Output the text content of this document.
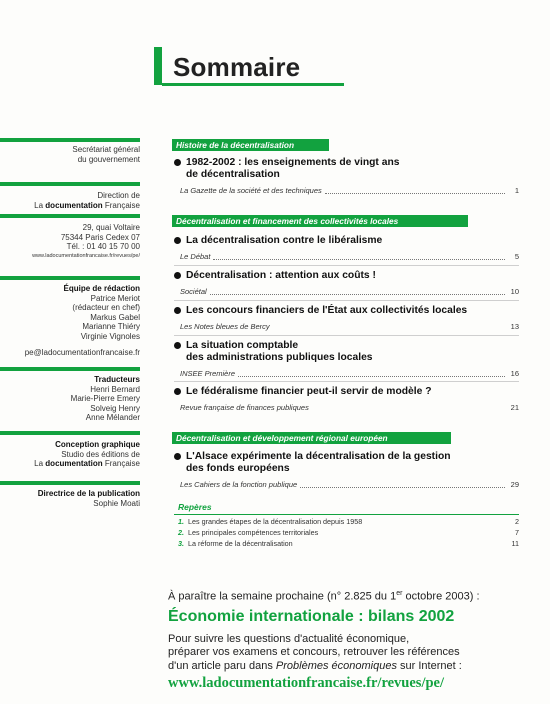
Sommaire
Secrétariat général
du gouvernement
Direction de
La documentation Française
29, quai Voltaire
75344 Paris Cedex 07
Tél. : 01 40 15 70 00
www.ladocumentationfrancaise.fr/revues/pe/
Équipe de rédaction
Patrice Meriot
(rédacteur en chef)
Markus Gabel
Marianne Thiéry
Virginie Vignoles
pe@ladocumentationfrancaise.fr
Traducteurs
Henri Bernard
Marie-Pierre Emery
Solveig Henry
Anne Mélander
Conception graphique
Studio des éditions de
La documentation Française
Directrice de la publication
Sophie Moati
Histoire de la décentralisation
1982-2002 : les enseignements de vingt ans
de décentralisation
La Gazette de la société et des techniques	1
Décentralisation et financement des collectivités locales
La décentralisation contre le libéralisme
Le Débat	5
Décentralisation : attention aux coûts !
Sociétal	10
Les concours financiers de l'État aux collectivités locales
Les Notes bleues de Bercy	13
La situation comptable
des administrations publiques locales
INSEE Première	16
Le fédéralisme financier peut-il servir de modèle ?
Revue française de finances publiques	21
Décentralisation et développement régional européen
L'Alsace expérimente la décentralisation de la gestion
des fonds européens
Les Cahiers de la fonction publique	29
Repères
1. Les grandes étapes de la décentralisation depuis 1958	2
2. Les principales compétences territoriales	7
3. La réforme de la décentralisation	11
À paraître la semaine prochaine (n° 2.825 du 1er octobre 2003) :
Économie internationale : bilans 2002
Pour suivre les questions d'actualité économique,
préparer vos examens et concours, retrouver les références
d'un article paru dans Problèmes économiques sur Internet :
www.ladocumentationfrancaise.fr/revues/pe/
